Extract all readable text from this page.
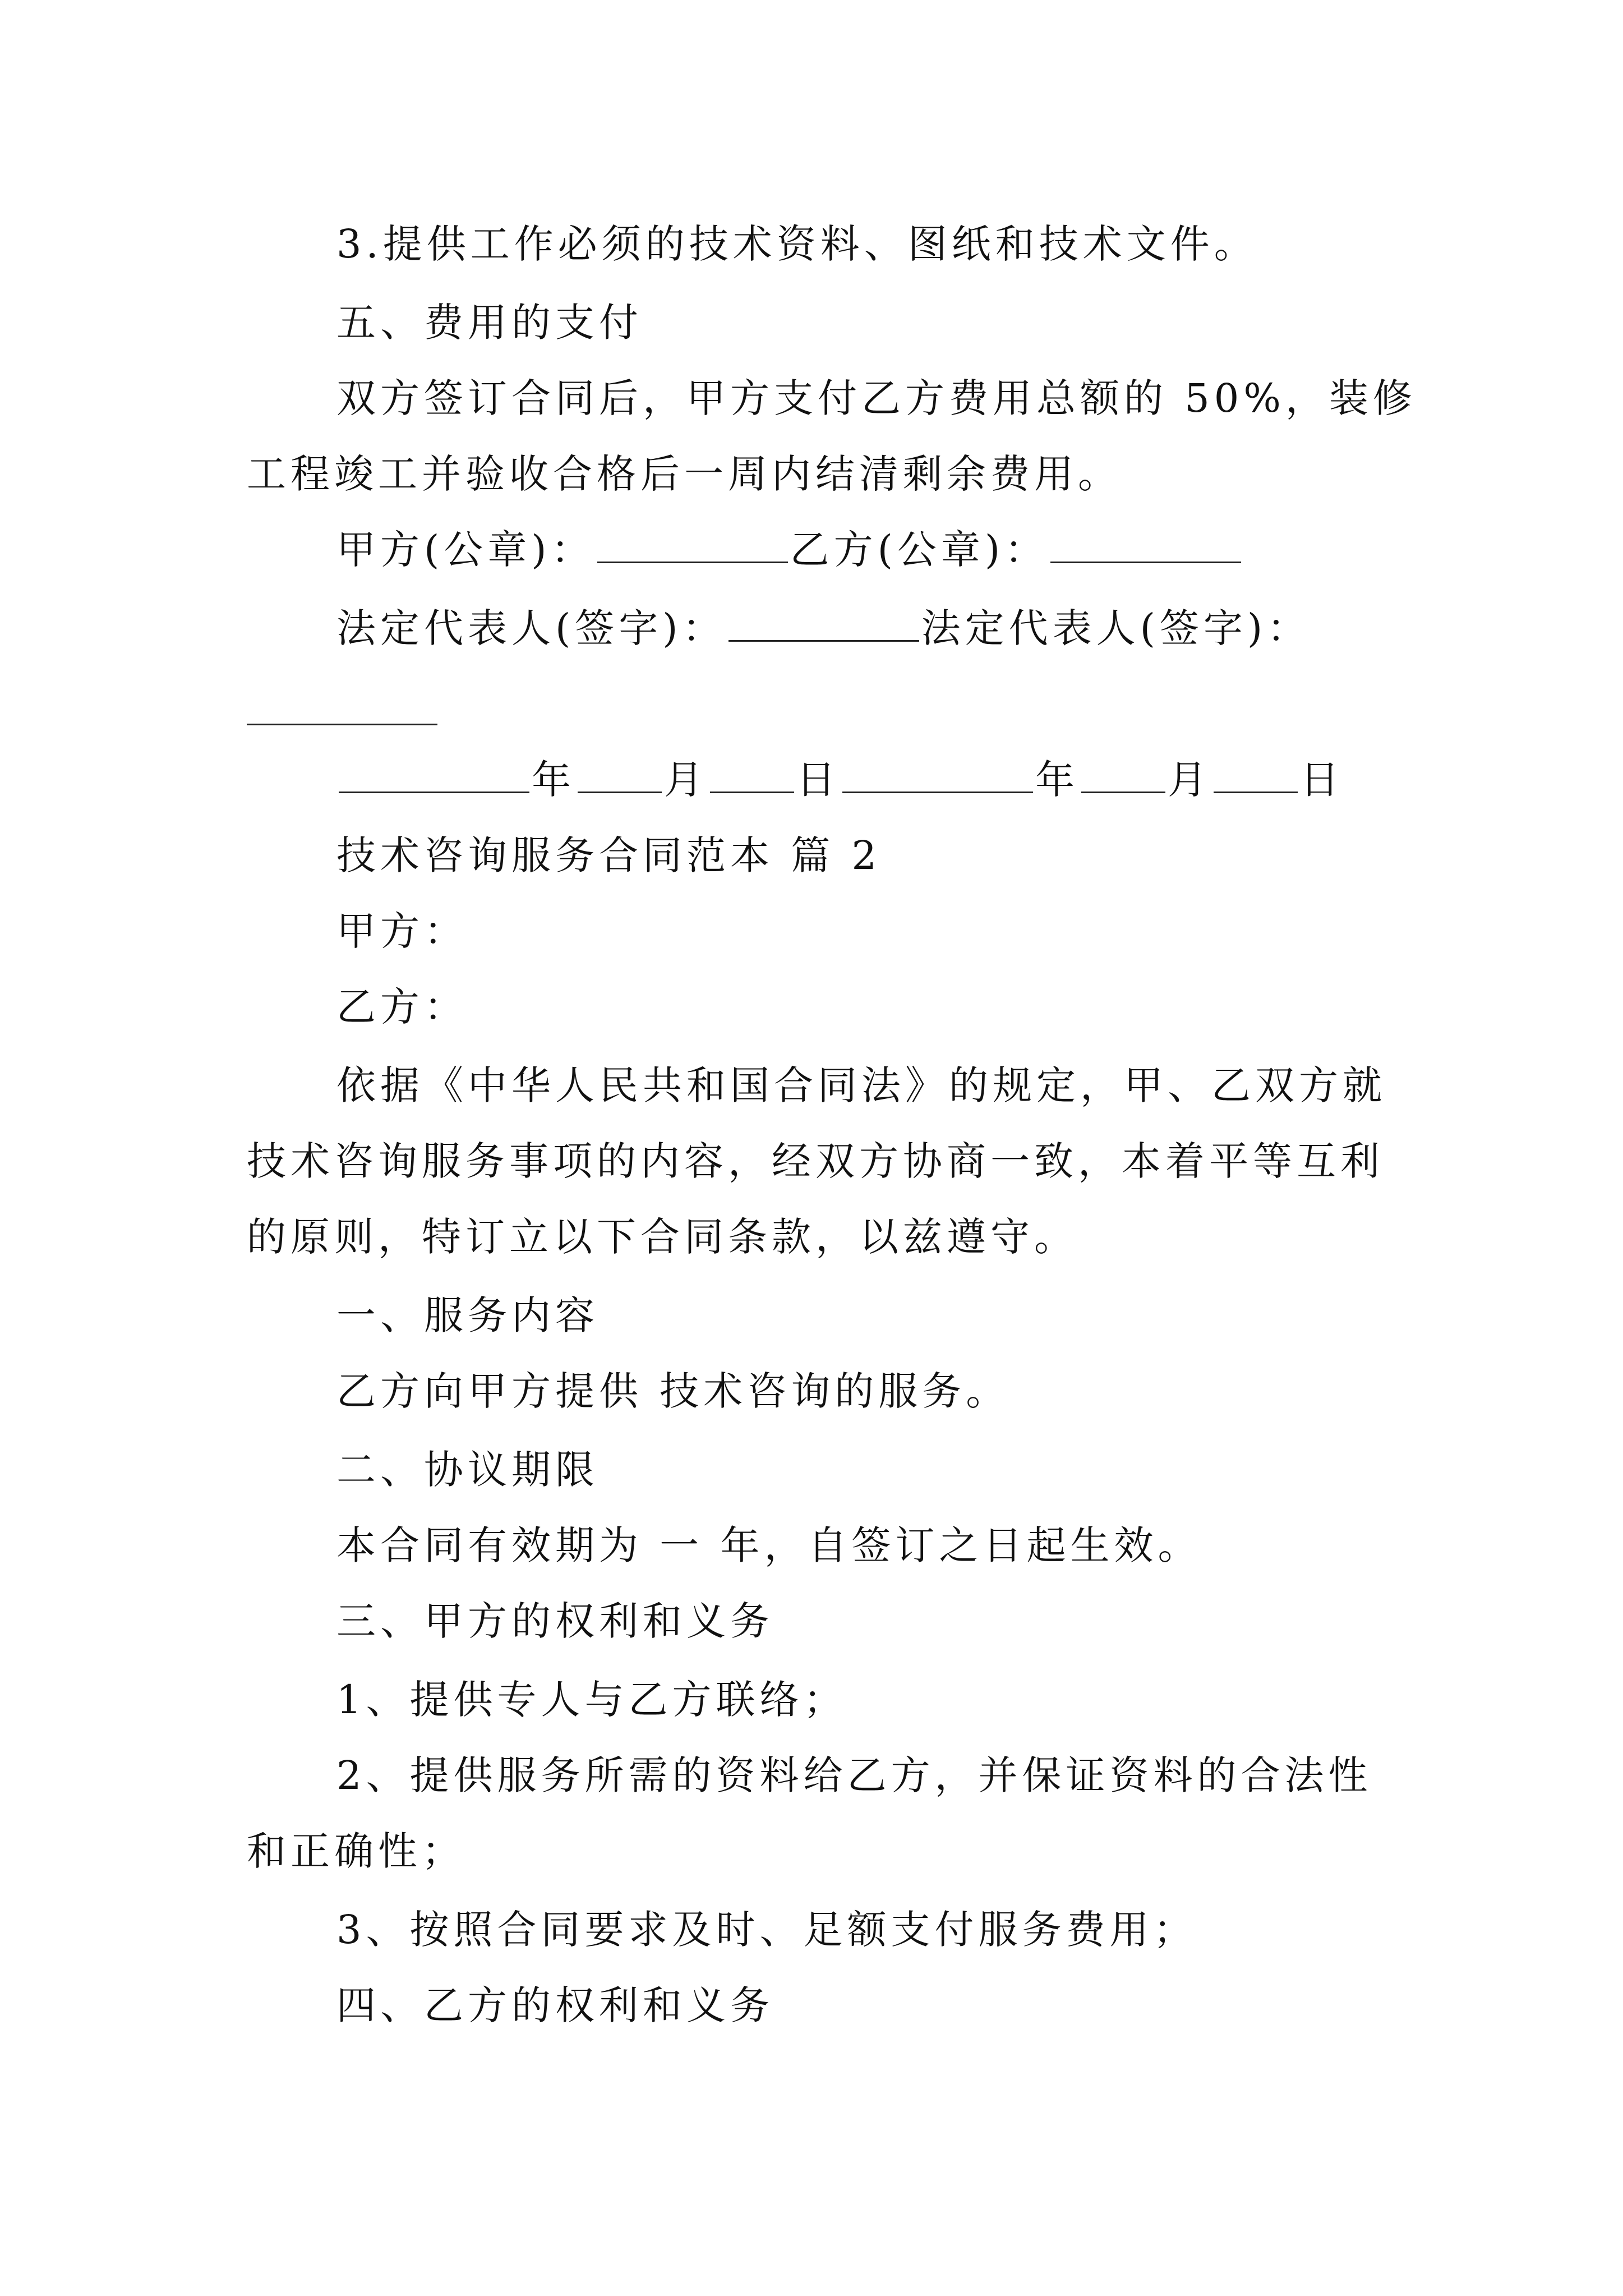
3.提供工作必须的技术资料、图纸和技术文件。
五、费用的支付
双方签订合同后，甲方支付乙方费用总额的 50%，装修
工程竣工并验收合格后一周内结清剩余费用。
甲方(公章)：	乙方(公章)：
法定代表人(签字)：	法定代表人(签字)：
年 月 日	年 月 日
技术咨询服务合同范本 篇 2
甲方：
乙方：
依据《中华人民共和国合同法》的规定，甲、乙双方就
技术咨询服务事项的内容，经双方协商一致，本着平等互利
的原则，特订立以下合同条款，以兹遵守。
一、服务内容
乙方向甲方提供 技术咨询的服务。
二、协议期限
本合同有效期为 一 年，自签订之日起生效。
三、甲方的权利和义务
1、提供专人与乙方联络；
2、提供服务所需的资料给乙方，并保证资料的合法性
和正确性；
3、按照合同要求及时、足额支付服务费用；
四、乙方的权利和义务
